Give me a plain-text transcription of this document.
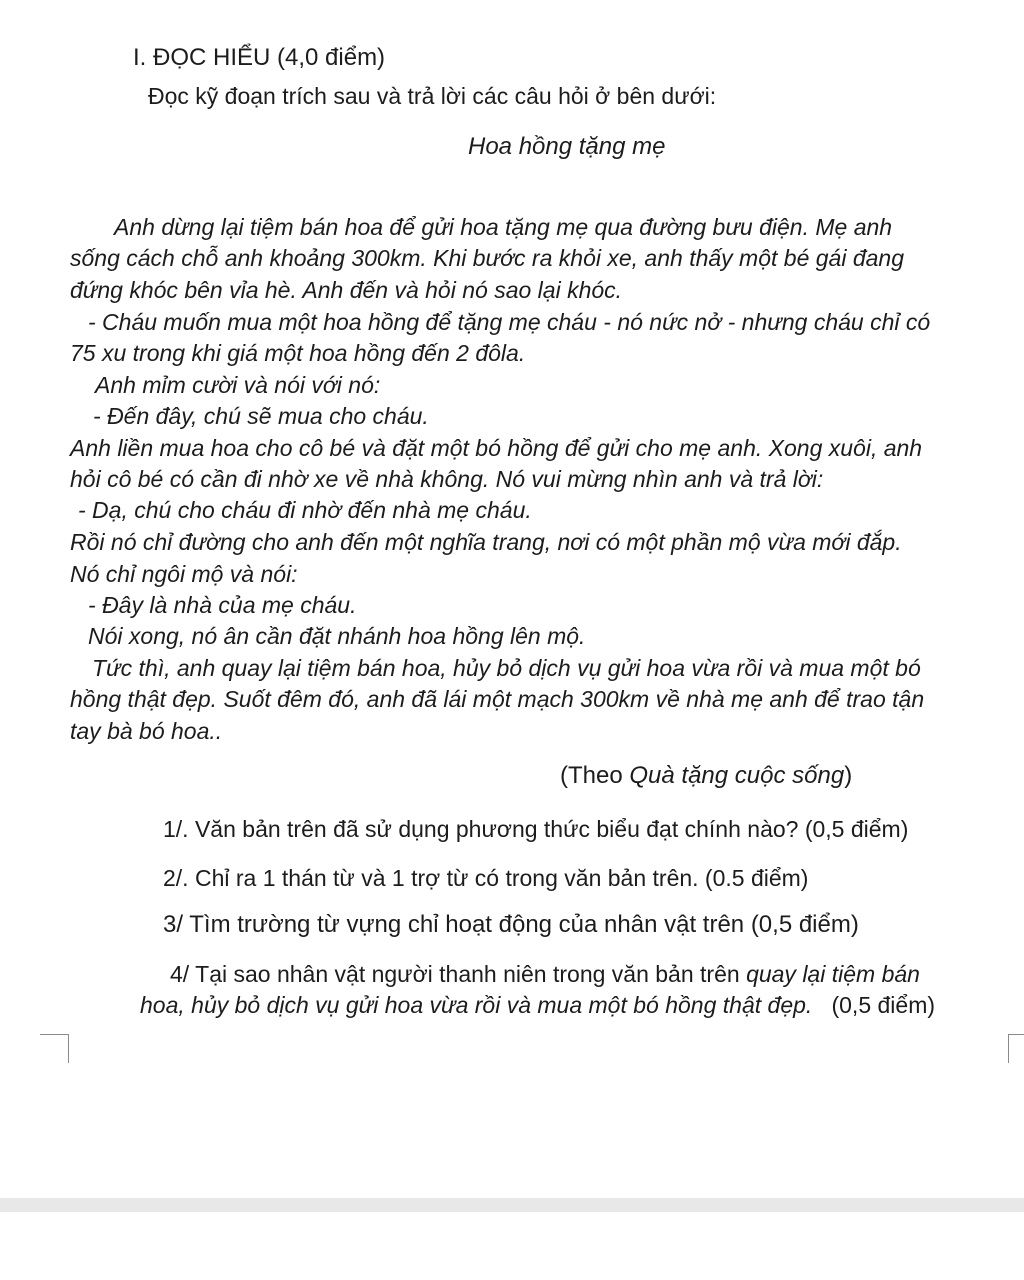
I. ĐỌC HIỂU (4,0 điểm)
Đọc kỹ đoạn trích sau và trả lời các câu hỏi ở bên dưới:
Hoa hồng tặng mẹ
Anh dừng lại tiệm bán hoa để gửi hoa tặng mẹ qua đường bưu điện. Mẹ anh
sống cách chỗ anh khoảng 300km. Khi bước ra khỏi xe, anh thấy một bé gái đang
đứng khóc bên vỉa hè. Anh đến và hỏi nó sao lại khóc.
- Cháu muốn mua một hoa hồng để tặng mẹ cháu - nó nức nở - nhưng cháu chỉ có
75 xu trong khi giá một hoa hồng đến 2 đôla.
Anh mỉm cười và nói với nó:
- Đến đây, chú sẽ mua cho cháu.
Anh liền mua hoa cho cô bé và đặt một bó hồng để gửi cho mẹ anh. Xong xuôi, anh
hỏi cô bé có cần đi nhờ xe về nhà không. Nó vui mừng nhìn anh và trả lời:
- Dạ, chú cho cháu đi nhờ đến nhà mẹ cháu.
Rồi nó chỉ đường cho anh đến một nghĩa trang, nơi có một phần mộ vừa mới đắp.
Nó chỉ ngôi mộ và nói:
- Đây là nhà của mẹ cháu.
Nói xong, nó ân cần đặt nhánh hoa hồng lên mộ.
Tức thì, anh quay lại tiệm bán hoa, hủy bỏ dịch vụ gửi hoa vừa rồi và mua một bó
hồng thật đẹp. Suốt đêm đó, anh đã lái một mạch 300km về nhà mẹ anh để trao tận
tay bà bó hoa..
(Theo Quà tặng cuộc sống)
1/. Văn bản trên đã sử dụng phương thức biểu đạt chính nào? (0,5 điểm)
2/. Chỉ ra 1 thán từ và 1 trợ từ có trong văn bản trên. (0.5 điểm)
3/ Tìm trường từ vựng chỉ hoạt động của nhân vật trên (0,5 điểm)
4/ Tại sao nhân vật người thanh niên trong văn bản trên quay lại tiệm bán
hoa, hủy bỏ dịch vụ gửi hoa vừa rồi và mua một bó hồng thật đẹp.   (0,5 điểm)
